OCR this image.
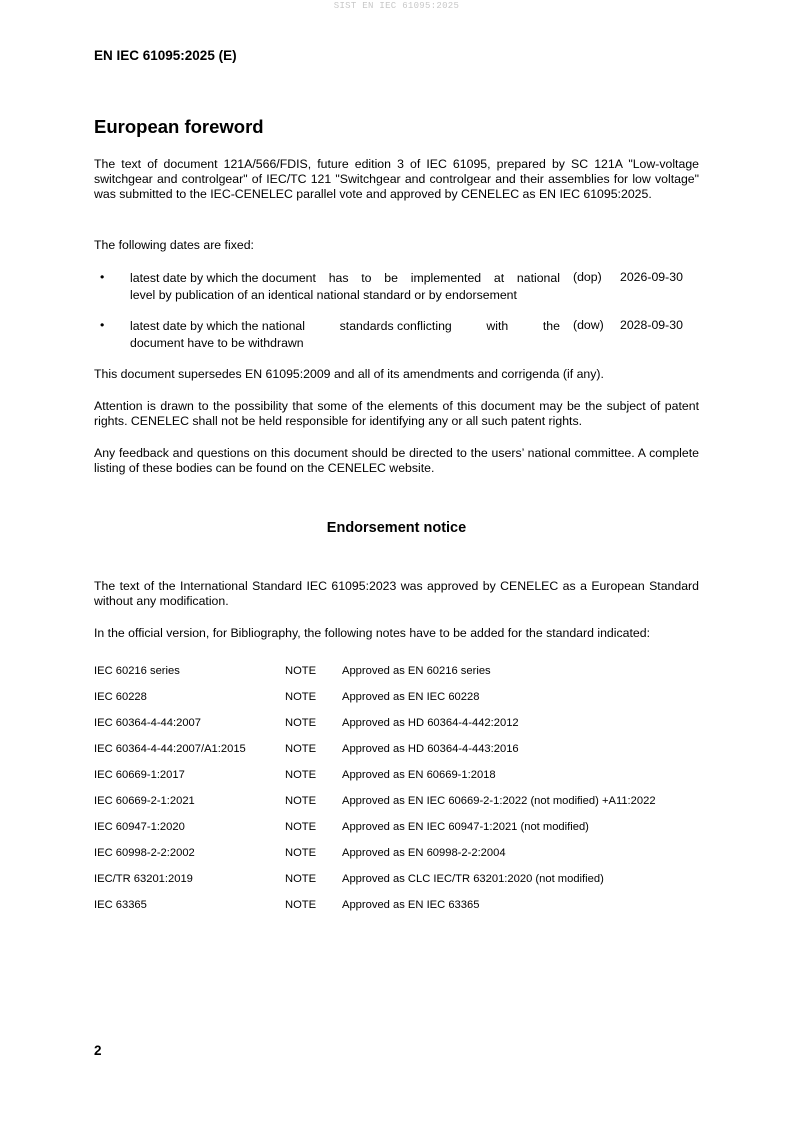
SIST EN IEC 61095:2025
EN IEC 61095:2025 (E)
European foreword

The text of document 121A/566/FDIS, future edition 3 of IEC 61095, prepared by SC 121A "Low-voltage switchgear and controlgear" of IEC/TC 121 "Switchgear and controlgear and their assemblies for low voltage" was submitted to the IEC-CENELEC parallel vote and approved by CENELEC as EN IEC 61095:2025.

The following dates are fixed:

• latest date by which the document has to be implemented at national
level by publication of an identical national standard or by endorsement
(dop) 2026-09-30
• latest date by which the national	standards conflicting	with	the
document have to be withdrawn
(dow) 2028-09-30

This document supersedes EN 61095:2009 and all of its amendments and corrigenda (if any).

Attention is drawn to the possibility that some of the elements of this document may be the subject of patent rights. CENELEC shall not be held responsible for identifying any or all such patent rights.

Any feedback and questions on this document should be directed to the users’ national committee. A complete listing of these bodies can be found on the CENELEC website.

Endorsement notice

The text of the International Standard IEC 61095:2023 was approved by CENELEC as a European Standard without any modification.

In the official version, for Bibliography, the following notes have to be added for the standard indicated:

IEC 60216 series	NOTE Approved as EN 60216 series
IEC 60228	NOTE Approved as EN IEC 60228
IEC 60364-4-44:2007	NOTE Approved as HD 60364-4-442:2012
IEC 60364-4-44:2007/A1:2015	NOTE Approved as HD 60364-4-443:2016
IEC 60669-1:2017	NOTE Approved as EN 60669-1:2018
IEC 60669-2-1:2021	NOTE Approved as EN IEC 60669-2-1:2022 (not modified) +A11:2022
IEC 60947-1:2020	NOTE Approved as EN IEC 60947-1:2021 (not modified)
IEC 60998-2-2:2002	NOTE Approved as EN 60998-2-2:2004
IEC/TR 63201:2019	NOTE Approved as CLC IEC/TR 63201:2020 (not modified)
IEC 63365	NOTE Approved as EN IEC 63365
2
